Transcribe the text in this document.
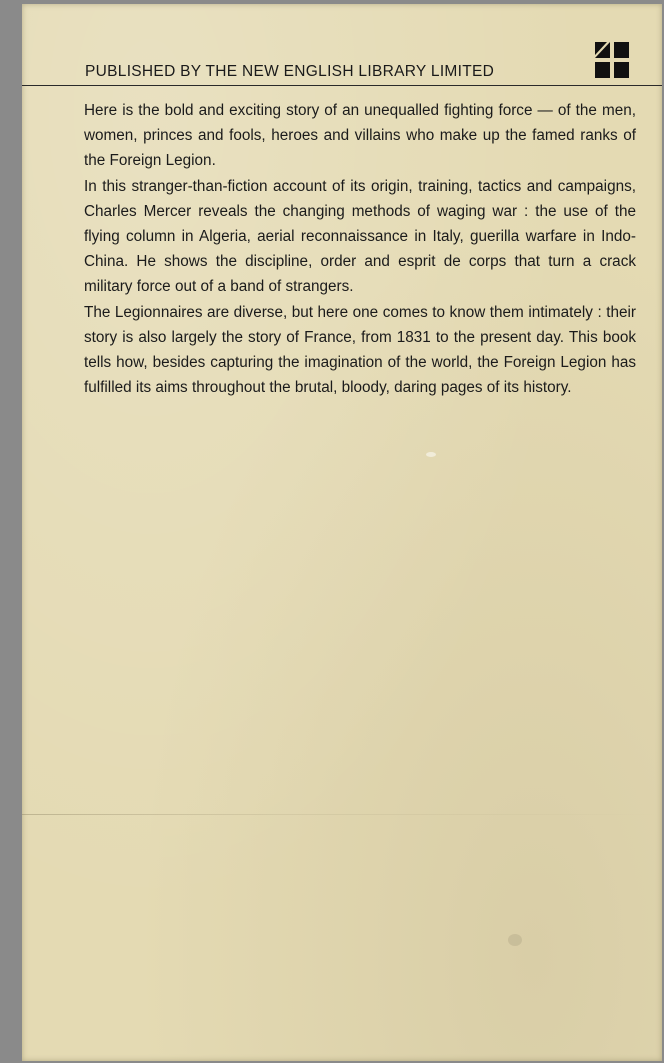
PUBLISHED BY THE NEW ENGLISH LIBRARY LIMITED

Here is the bold and exciting story of an unequalled fighting force — of the men, women, princes and fools, heroes and villains who make up the famed ranks of the Foreign Legion.

In this stranger-than-fiction account of its origin, training, tactics and campaigns, Charles Mercer reveals the changing methods of waging war : the use of the flying column in Algeria, aerial reconnaissance in Italy, guerilla warfare in Indo-China. He shows the discipline, order and esprit de corps that turn a crack military force out of a band of strangers.

The Legionnaires are diverse, but here one comes to know them intimately : their story is also largely the story of France, from 1831 to the present day. This book tells how, besides capturing the imagination of the world, the Foreign Legion has fulfilled its aims throughout the brutal, bloody, daring pages of its history.
